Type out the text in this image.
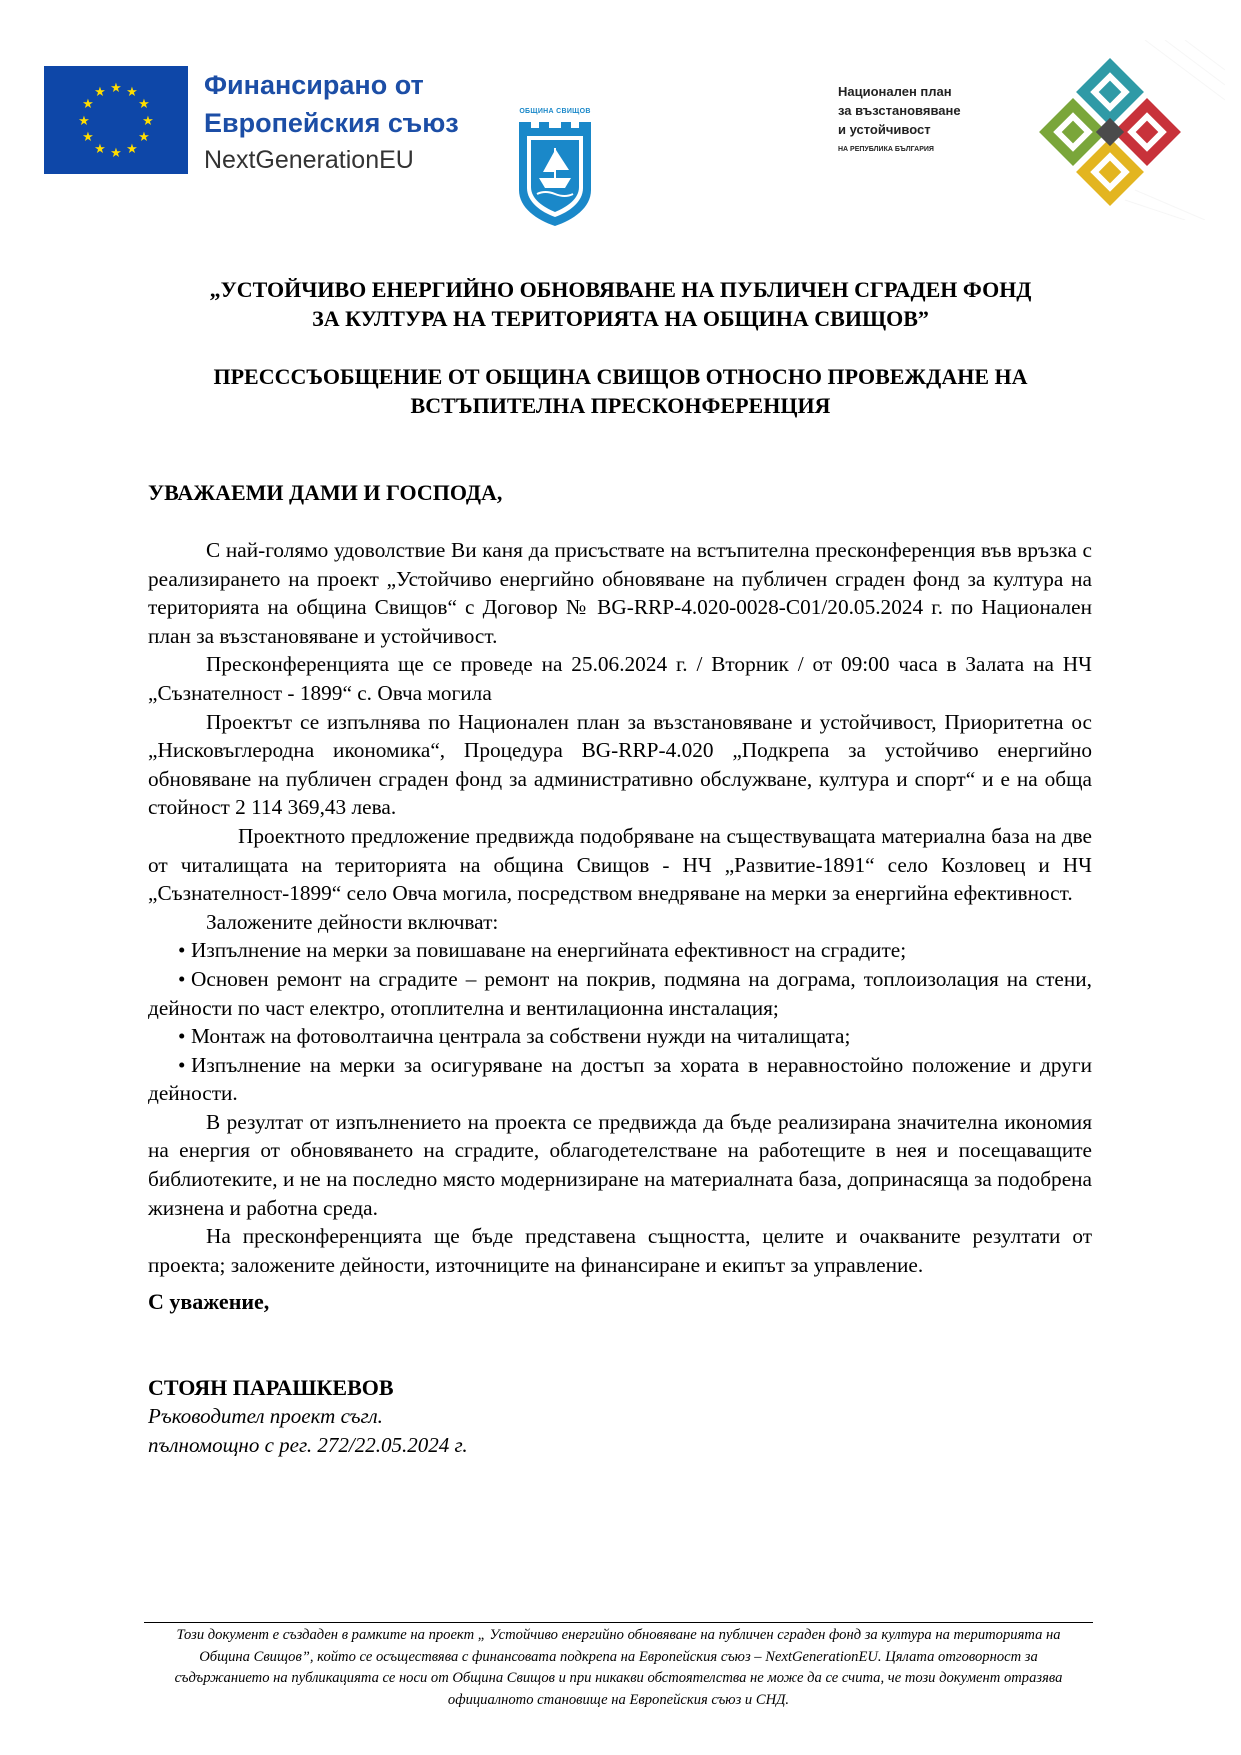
★ ★
★
★
★
★
★
★
★
★
★
★	Финансирано от
Европейския съюз
NextGenerationEU
ОБЩИНА СВИЩОВ
Национален план
за възстановяване
и устойчивост
НА РЕПУБЛИКА БЪЛГАРИЯ
„УСТОЙЧИВО ЕНЕРГИЙНО ОБНОВЯВАНЕ НА ПУБЛИЧЕН СГРАДЕН ФОНД
ЗА КУЛТУРА НА ТЕРИТОРИЯТА НА ОБЩИНА СВИЩОВ”
ПРЕСССЪОБЩЕНИЕ ОТ ОБЩИНА СВИЩОВ ОТНОСНО ПРОВЕЖДАНЕ НА
ВСТЪПИТЕЛНА ПРЕСКОНФЕРЕНЦИЯ
УВАЖАЕМИ ДАМИ И ГОСПОДА,

С най-голямо удоволствие Ви каня да присъствате на встъпителна пресконференция във връзка с реализирането на проект „Устойчиво енергийно обновяване на публичен сграден фонд за култура на територията на община Свищов“ с Договор № BG-RRP-4.020-0028-C01/20.05.2024 г. по Национален план за възстановяване и устойчивост.

Пресконференцията ще се проведе на 25.06.2024 г. / Вторник / от 09:00 часа в Залата на НЧ „Съзнателност - 1899“ с. Овча могила

Проектът се изпълнява по Национален план за възстановяване и устойчивост, Приоритетна ос „Нисковъглеродна икономика“, Процедура BG-RRP-4.020 „Подкрепа за устойчиво енергийно обновяване на публичен сграден фонд за административно обслужване, култура и спорт“ и е на обща стойност 2 114 369,43 лева.

Проектното предложение предвижда подобряване на съществуващата материална база на две от читалищата на територията на община Свищов - НЧ „Развитие-1891“ село Козловец и НЧ „Съзнателност-1899“ село Овча могила, посредством внедряване на мерки за енергийна ефективност.

Заложените дейности включват:

• Изпълнение на мерки за повишаване на енергийната ефективност на сградите;
• Основен ремонт на сградите – ремонт на покрив, подмяна на дограма, топлоизолация на стени, дейности по част електро, отоплителна и вентилационна инсталация;
• Монтаж на фотоволтаична централа за собствени нужди на читалищата;
• Изпълнение на мерки за осигуряване на достъп за хората в неравностойно положение и други дейности.

В резултат от изпълнението на проекта се предвижда да бъде реализирана значителна икономия на енергия от обновяването на сградите, облагодетелстване на работещите в нея и посещаващите библиотеките, и не на последно място модернизиране на материалната база, допринасяща за подобрена жизнена и работна среда.

На пресконференцията ще бъде представена същността, целите и очакваните резултати от проекта; заложените дейности, източниците на финансиране и екипът за управление.

С уважение,
СТОЯН ПАРАШКЕВОВ
Ръководител проект съгл.
пълномощно с рег. 272/22.05.2024 г.
Този документ е създаден в рамките на проект „ Устойчиво енергийно обновяване на публичен сграден фонд за култура на територията на Община Свищов”, който се осъществява с финансовата подкрепа на Европейския съюз – NextGenerationEU. Цялата отговорност за съдържанието на публикацията се носи от Община Свищов и при никакви обстоятелства не може да се счита, че този документ отразява официалното становище на Европейския съюз и СНД.
